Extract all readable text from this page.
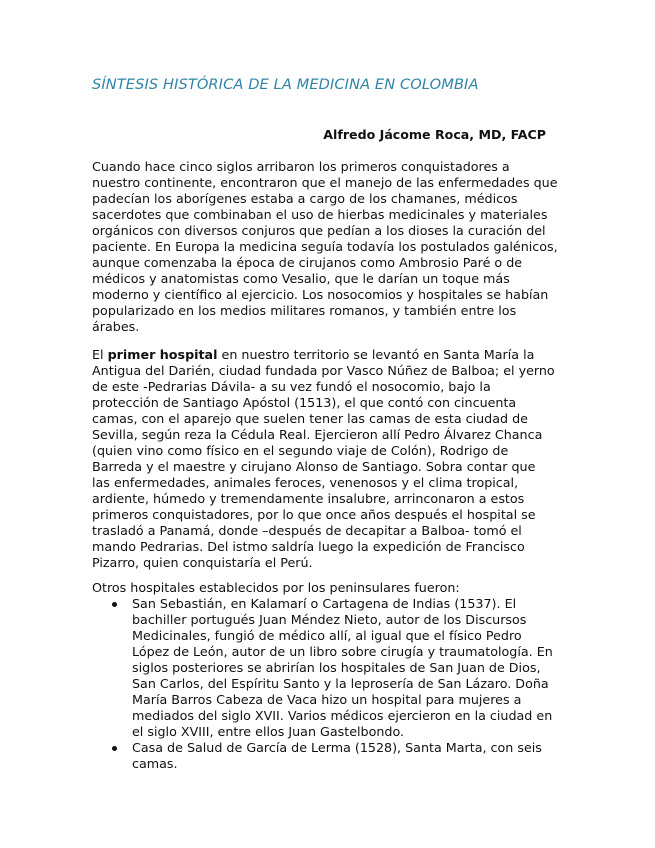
SÍNTESIS HISTÓRICA DE LA MEDICINA EN COLOMBIA
Alfredo Jácome Roca, MD, FACP

Cuando hace cinco siglos arribaron los primeros conquistadores a
nuestro continente, encontraron que el manejo de las enfermedades que
padecían los aborígenes estaba a cargo de los chamanes, médicos
sacerdotes que combinaban el uso de hierbas medicinales y materiales
orgánicos con diversos conjuros que pedían a los dioses la curación del
paciente. En Europa la medicina seguía todavía los postulados galénicos,
aunque comenzaba la época de cirujanos como Ambrosio Paré o de
médicos y anatomistas como Vesalio, que le darían un toque más
moderno y científico al ejercicio. Los nosocomios y hospitales se habían
popularizado en los medios militares romanos, y también entre los
árabes.

El primer hospital en nuestro territorio se levantó en Santa María la
Antigua del Darién, ciudad fundada por Vasco Núñez de Balboa; el yerno
de este -Pedrarias Dávila- a su vez fundó el nosocomio, bajo la
protección de Santiago Apóstol (1513), el que contó con cincuenta
camas, con el aparejo que suelen tener las camas de esta ciudad de
Sevilla, según reza la Cédula Real. Ejercieron allí Pedro Álvarez Chanca
(quien vino como físico en el segundo viaje de Colón), Rodrigo de
Barreda y el maestre y cirujano Alonso de Santiago. Sobra contar que
las enfermedades, animales feroces, venenosos y el clima tropical,
ardiente, húmedo y tremendamente insalubre, arrinconaron a estos
primeros conquistadores, por lo que once años después el hospital se
trasladó a Panamá, donde –después de decapitar a Balboa- tomó el
mando Pedrarias. Del istmo saldría luego la expedición de Francisco
Pizarro, quien conquistaría el Perú.

Otros hospitales establecidos por los peninsulares fueron:
San Sebastián, en Kalamarí o Cartagena de Indias (1537). El
bachiller portugués Juan Méndez Nieto, autor de los Discursos
Medicinales, fungió de médico allí, al igual que el físico Pedro
López de León, autor de un libro sobre cirugía y traumatología. En
siglos posteriores se abrirían los hospitales de San Juan de Dios,
San Carlos, del Espíritu Santo y la leprosería de San Lázaro. Doña
María Barros Cabeza de Vaca hizo un hospital para mujeres a
mediados del siglo XVII. Varios médicos ejercieron en la ciudad en
el siglo XVIII, entre ellos Juan Gastelbondo.
Casa de Salud de García de Lerma (1528), Santa Marta, con seis
camas.
